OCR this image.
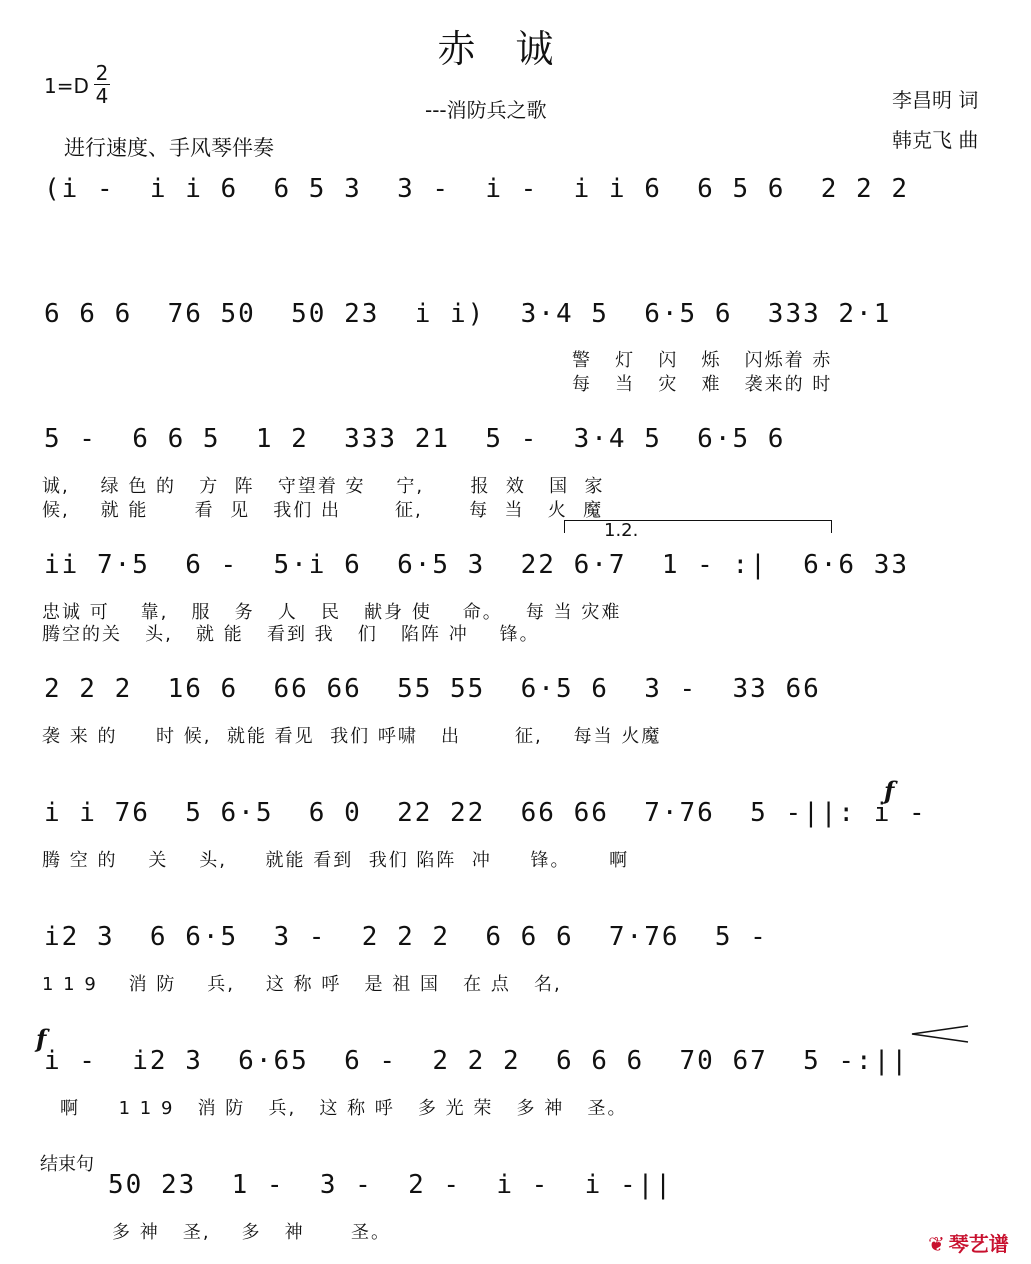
赤诚
1=D
2
4
---消防兵之歌	李昌明 词
韩克飞 曲
进行速度、手风琴伴奏
(i -  i i 6  6 5 3  3 -  i -  i i 6  6 5 6  2 2 2
6 6 6  76 50  50 23  i i)  3·4 5  6·5 6  333 2·1
警   灯   闪   烁   闪烁着 赤
每   当   灾   难   袭来的 时
5 -  6 6 5  1 2  333 21  5 -  3·4 5  6·5 6
诚,    绿 色 的   方  阵   守望着 安    宁,      报  效   国  家
候,    就 能      看  见   我们 出       征,      每  当   火  魔
1.2.
ii 7·5  6 -  5·i 6  6·5 3  22 6·7  1 - :|  6·6 33
忠诚 可    靠,   服   务   人   民   献身 使    命。   每 当 灾难
腾空的关   头,   就 能   看到 我   们   陷阵 冲    锋。
2 2 2  16 6  66 66  55 55  6·5 6  3 -  33 66
袭 来 的     时 候,  就能 看见  我们 呼啸   出       征,    每当 火魔
i i 76  5 6·5  6 0  22 22  66 66  7·76  5 -||: i -
f
腾 空 的    关    头,     就能 看到  我们 陷阵  冲     锋。     啊
i2 3  6 6·5  3 -  2 2 2  6 6 6  7·76  5 -
1 1 9    消 防    兵,    这 称 呼   是 祖 国   在 点   名,
i -  i2 3  6·65  6 -  2 2 2  6 6 6  70 67  5 -:||
f
啊     1 1 9   消 防   兵,   这 称 呼   多 光 荣   多 神   圣。
结束句
50 23  1 -  3 -  2 -  i -  i -||
多 神   圣,    多   神      圣。	❦ 琴艺谱
